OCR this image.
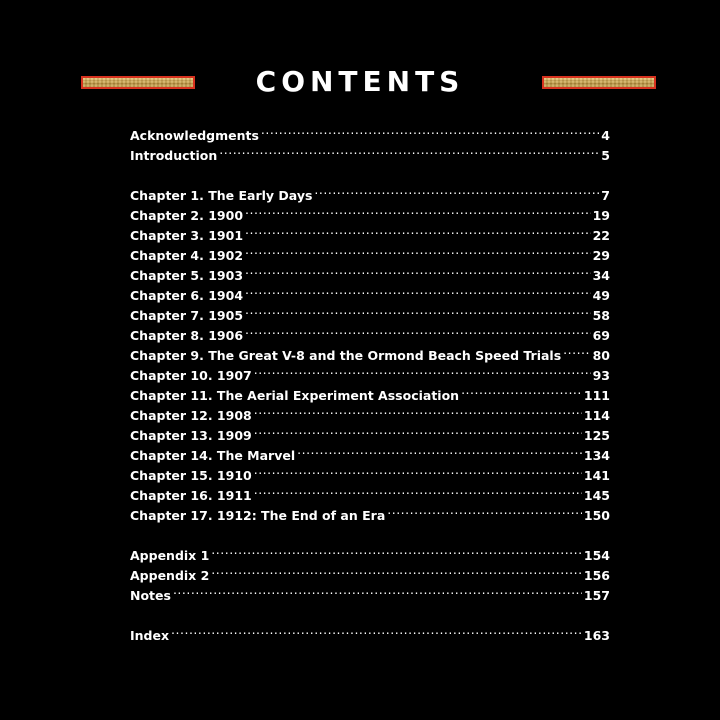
CONTENTS
Acknowledgments .....	4
Introduction .....	5
Chapter 1. The Early Days .....	7
Chapter 2. 1900 .....	19
Chapter 3. 1901 .....	22
Chapter 4. 1902 .....	29
Chapter 5. 1903 .....	34
Chapter 6. 1904 .....	49
Chapter 7. 1905 .....	58
Chapter 8. 1906 .....	69
Chapter 9. The Great V-8 and the Ormond Beach Speed Trials .....	80
Chapter 10. 1907 .....	93
Chapter 11. The Aerial Experiment Association .....	111
Chapter 12. 1908 .....	114
Chapter 13. 1909 .....	125
Chapter 14. The Marvel .....	134
Chapter 15. 1910 .....	141
Chapter 16. 1911 .....	145
Chapter 17. 1912: The End of an Era .....	150
Appendix 1 .....	154
Appendix 2 .....	156
Notes .....	157
Index .....	163
